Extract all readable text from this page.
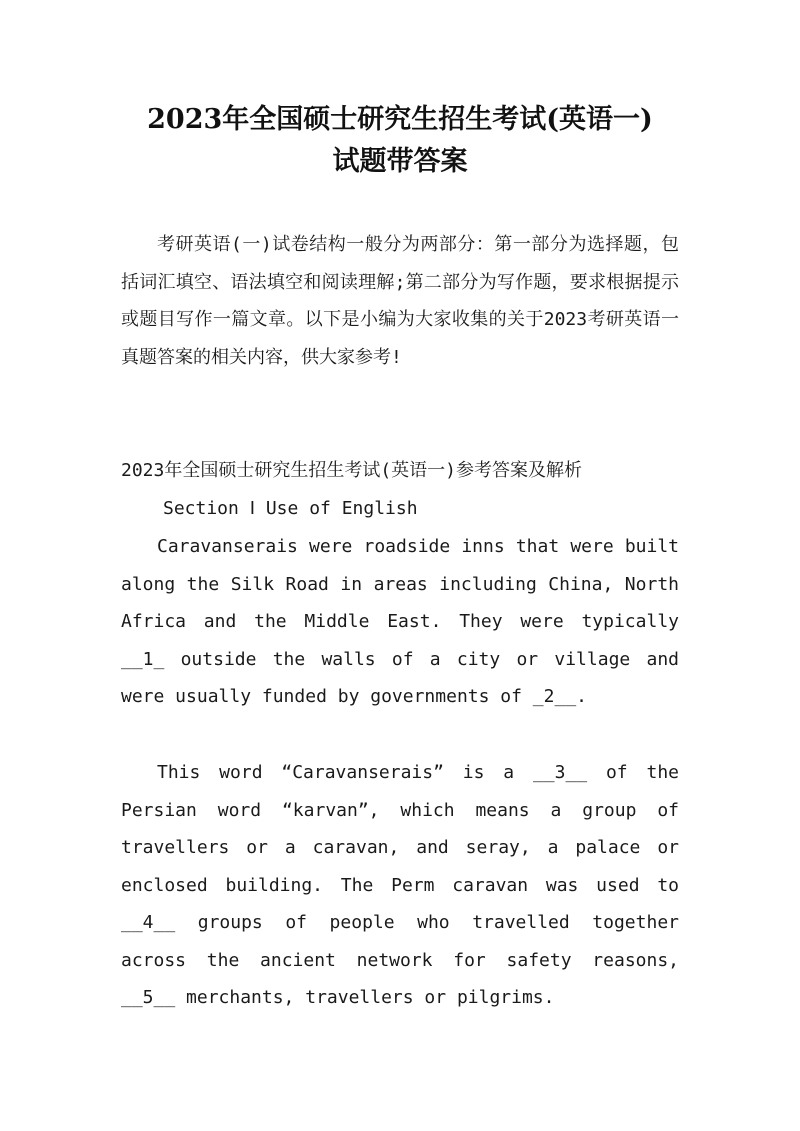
2023年全国硕士研究生招生考试(英语一)
试题带答案

考研英语(一)试卷结构一般分为两部分：第一部分为选择题，包括词汇填空、语法填空和阅读理解;第二部分为写作题，要求根据提示或题目写作一篇文章。以下是小编为大家收集的关于2023考研英语一真题答案的相关内容，供大家参考!

2023年全国硕士研究生招生考试(英语一)参考答案及解析
Section Ⅰ Use of English

Caravanserais were roadside inns that were built along the Silk Road in areas including China, North Africa and the Middle East. They were typically __1_ outside the walls of a city or village and were usually funded by governments of _2__.

This word “Caravanserais” is a __3__ of the Persian word “karvan”, which means a group of travellers or a caravan, and seray, a palace or enclosed building. The Perm caravan was used to __4__ groups of people who travelled together across the ancient network for safety reasons, __5__ merchants, travellers or pilgrims.
